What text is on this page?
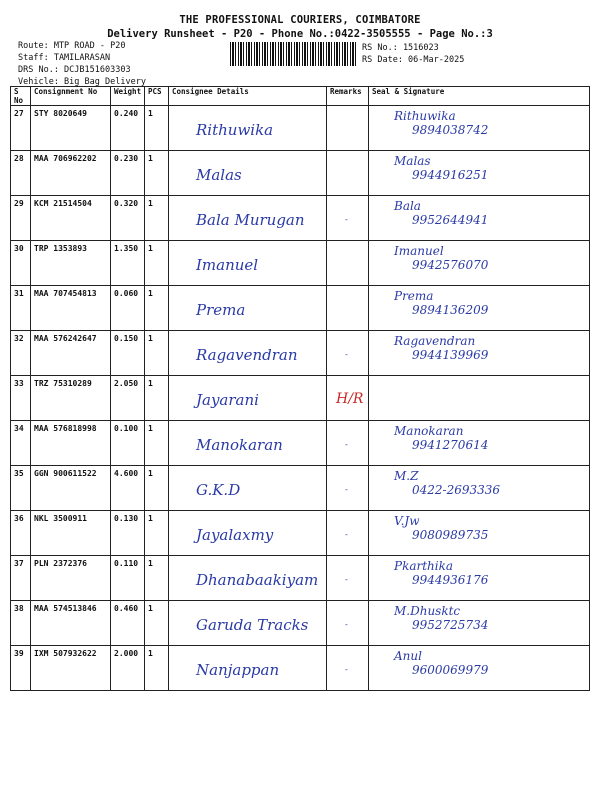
THE PROFESSIONAL COURIERS, COIMBATORE
Delivery Runsheet - P20 - Phone No.:0422-3505555 - Page No.:3
Route: MTP ROAD - P20
Staff: TAMILARASAN
DRS No.: DCJB151603303
Vehicle: Big Bag Delivery
RS No.: 1516023
RS Date: 06-Mar-2025
S No	Consignment No	Weight	PCS	Consignee Details	Remarks	Seal & Signature
27	STY 8020649	0.240	1	Rithuwika		Rithuwika
9894038742

28	MAA 706962202	0.230	1	Malas		Malas
9944916251

29	KCM 21514504	0.320	1	Bala Murugan	-	Bala
9952644941

30	TRP 1353893	1.350	1	Imanuel		Imanuel
9942576070

31	MAA 707454813	0.060	1	Prema		Prema
9894136209

32	MAA 576242647	0.150	1	Ragavendran	-	Ragavendran
9944139969

33	TRZ 75310289	2.050	1	Jayarani	H/R	

34	MAA 576818998	0.100	1	Manokaran	-	Manokaran
9941270614

35	GGN 900611522	4.600	1	G.K.D	-	M.Z
0422-2693336

36	NKL 3500911	0.130	1	Jayalaxmy	-	V.Jw
9080989735

37	PLN 2372376	0.110	1	Dhanabaakiyam	-	Pkarthika
9944936176

38	MAA 574513846	0.460	1	Garuda Tracks	-	M.Dhusktc
9952725734

39	IXM 507932622	2.000	1	Nanjappan	-	Anul
9600069979
